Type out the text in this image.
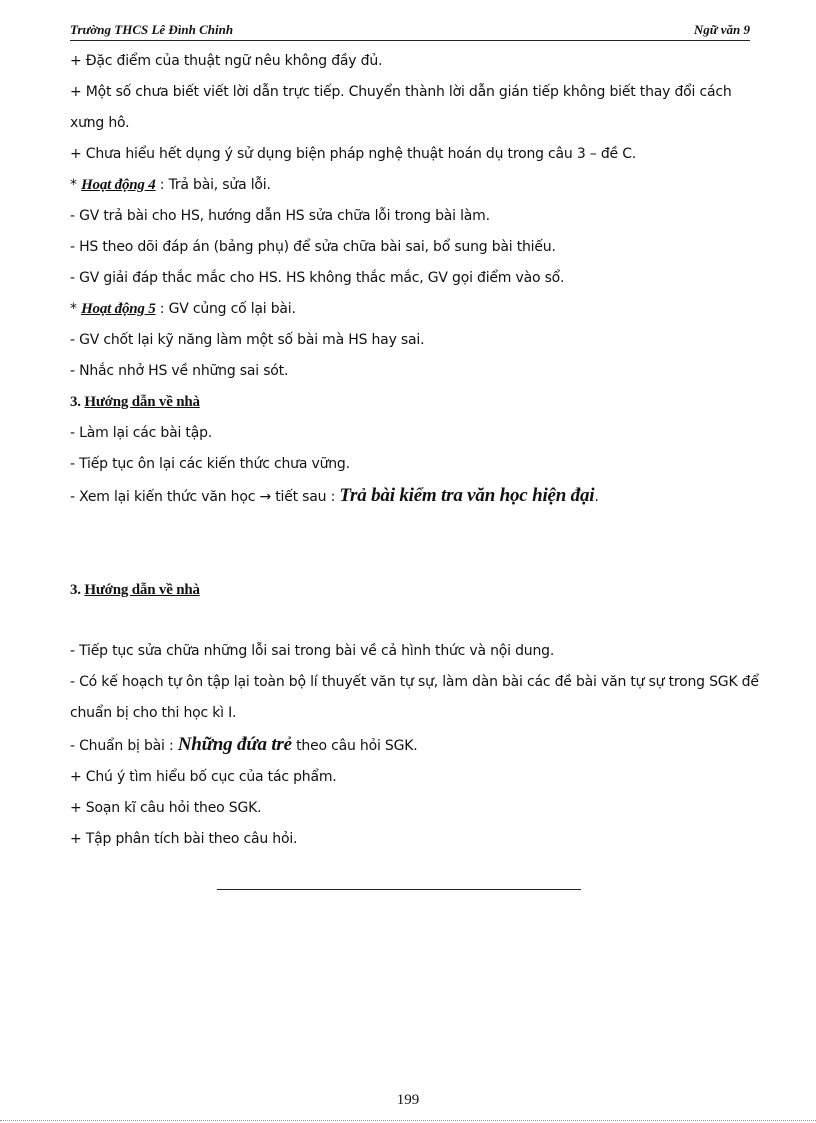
Trường THCS Lê Đình Chinh	Ngữ văn 9

+ Đặc điểm của thuật ngữ nêu không đầy đủ.

+ Một số chưa biết viết lời dẫn trực tiếp. Chuyển thành lời dẫn gián tiếp không biết thay đổi cách xưng hô.

+ Chưa hiểu hết dụng ý sử dụng biện pháp nghệ thuật hoán dụ trong câu 3 – đề C.

* Hoạt động 4 : Trả bài, sửa lỗi.

- GV trả bài cho HS, hướng dẫn HS sửa chữa lỗi trong bài làm.

- HS theo dõi đáp án (bảng phụ) để sửa chữa bài sai, bổ sung bài thiếu.

- GV giải đáp thắc mắc cho HS. HS không thắc mắc, GV gọi điểm vào sổ.

* Hoạt động 5 : GV củng cố lại bài.

- GV chốt lại kỹ năng làm một số bài mà HS hay sai.

- Nhắc nhở HS về những sai sót.

3. Hướng dẫn về nhà

- Làm lại các bài tập.

- Tiếp tục ôn lại các kiến thức chưa vững.

- Xem lại kiến thức văn học → tiết sau : Trả bài kiểm tra văn học hiện đại.

3. Hướng dẫn về nhà

- Tiếp tục sửa chữa những lỗi sai trong bài về cả hình thức và nội dung.

- Có kế hoạch tự ôn tập lại toàn bộ lí thuyết văn tự sự, làm dàn bài các đề bài văn tự sự trong SGK để chuẩn bị cho thi học kì I.

- Chuẩn bị bài : Những đứa trẻ theo câu hỏi SGK.

+ Chú ý tìm hiểu bố cục của tác phẩm.

+ Soạn kĩ câu hỏi theo SGK.

+ Tập phân tích bài theo câu hỏi.

199
